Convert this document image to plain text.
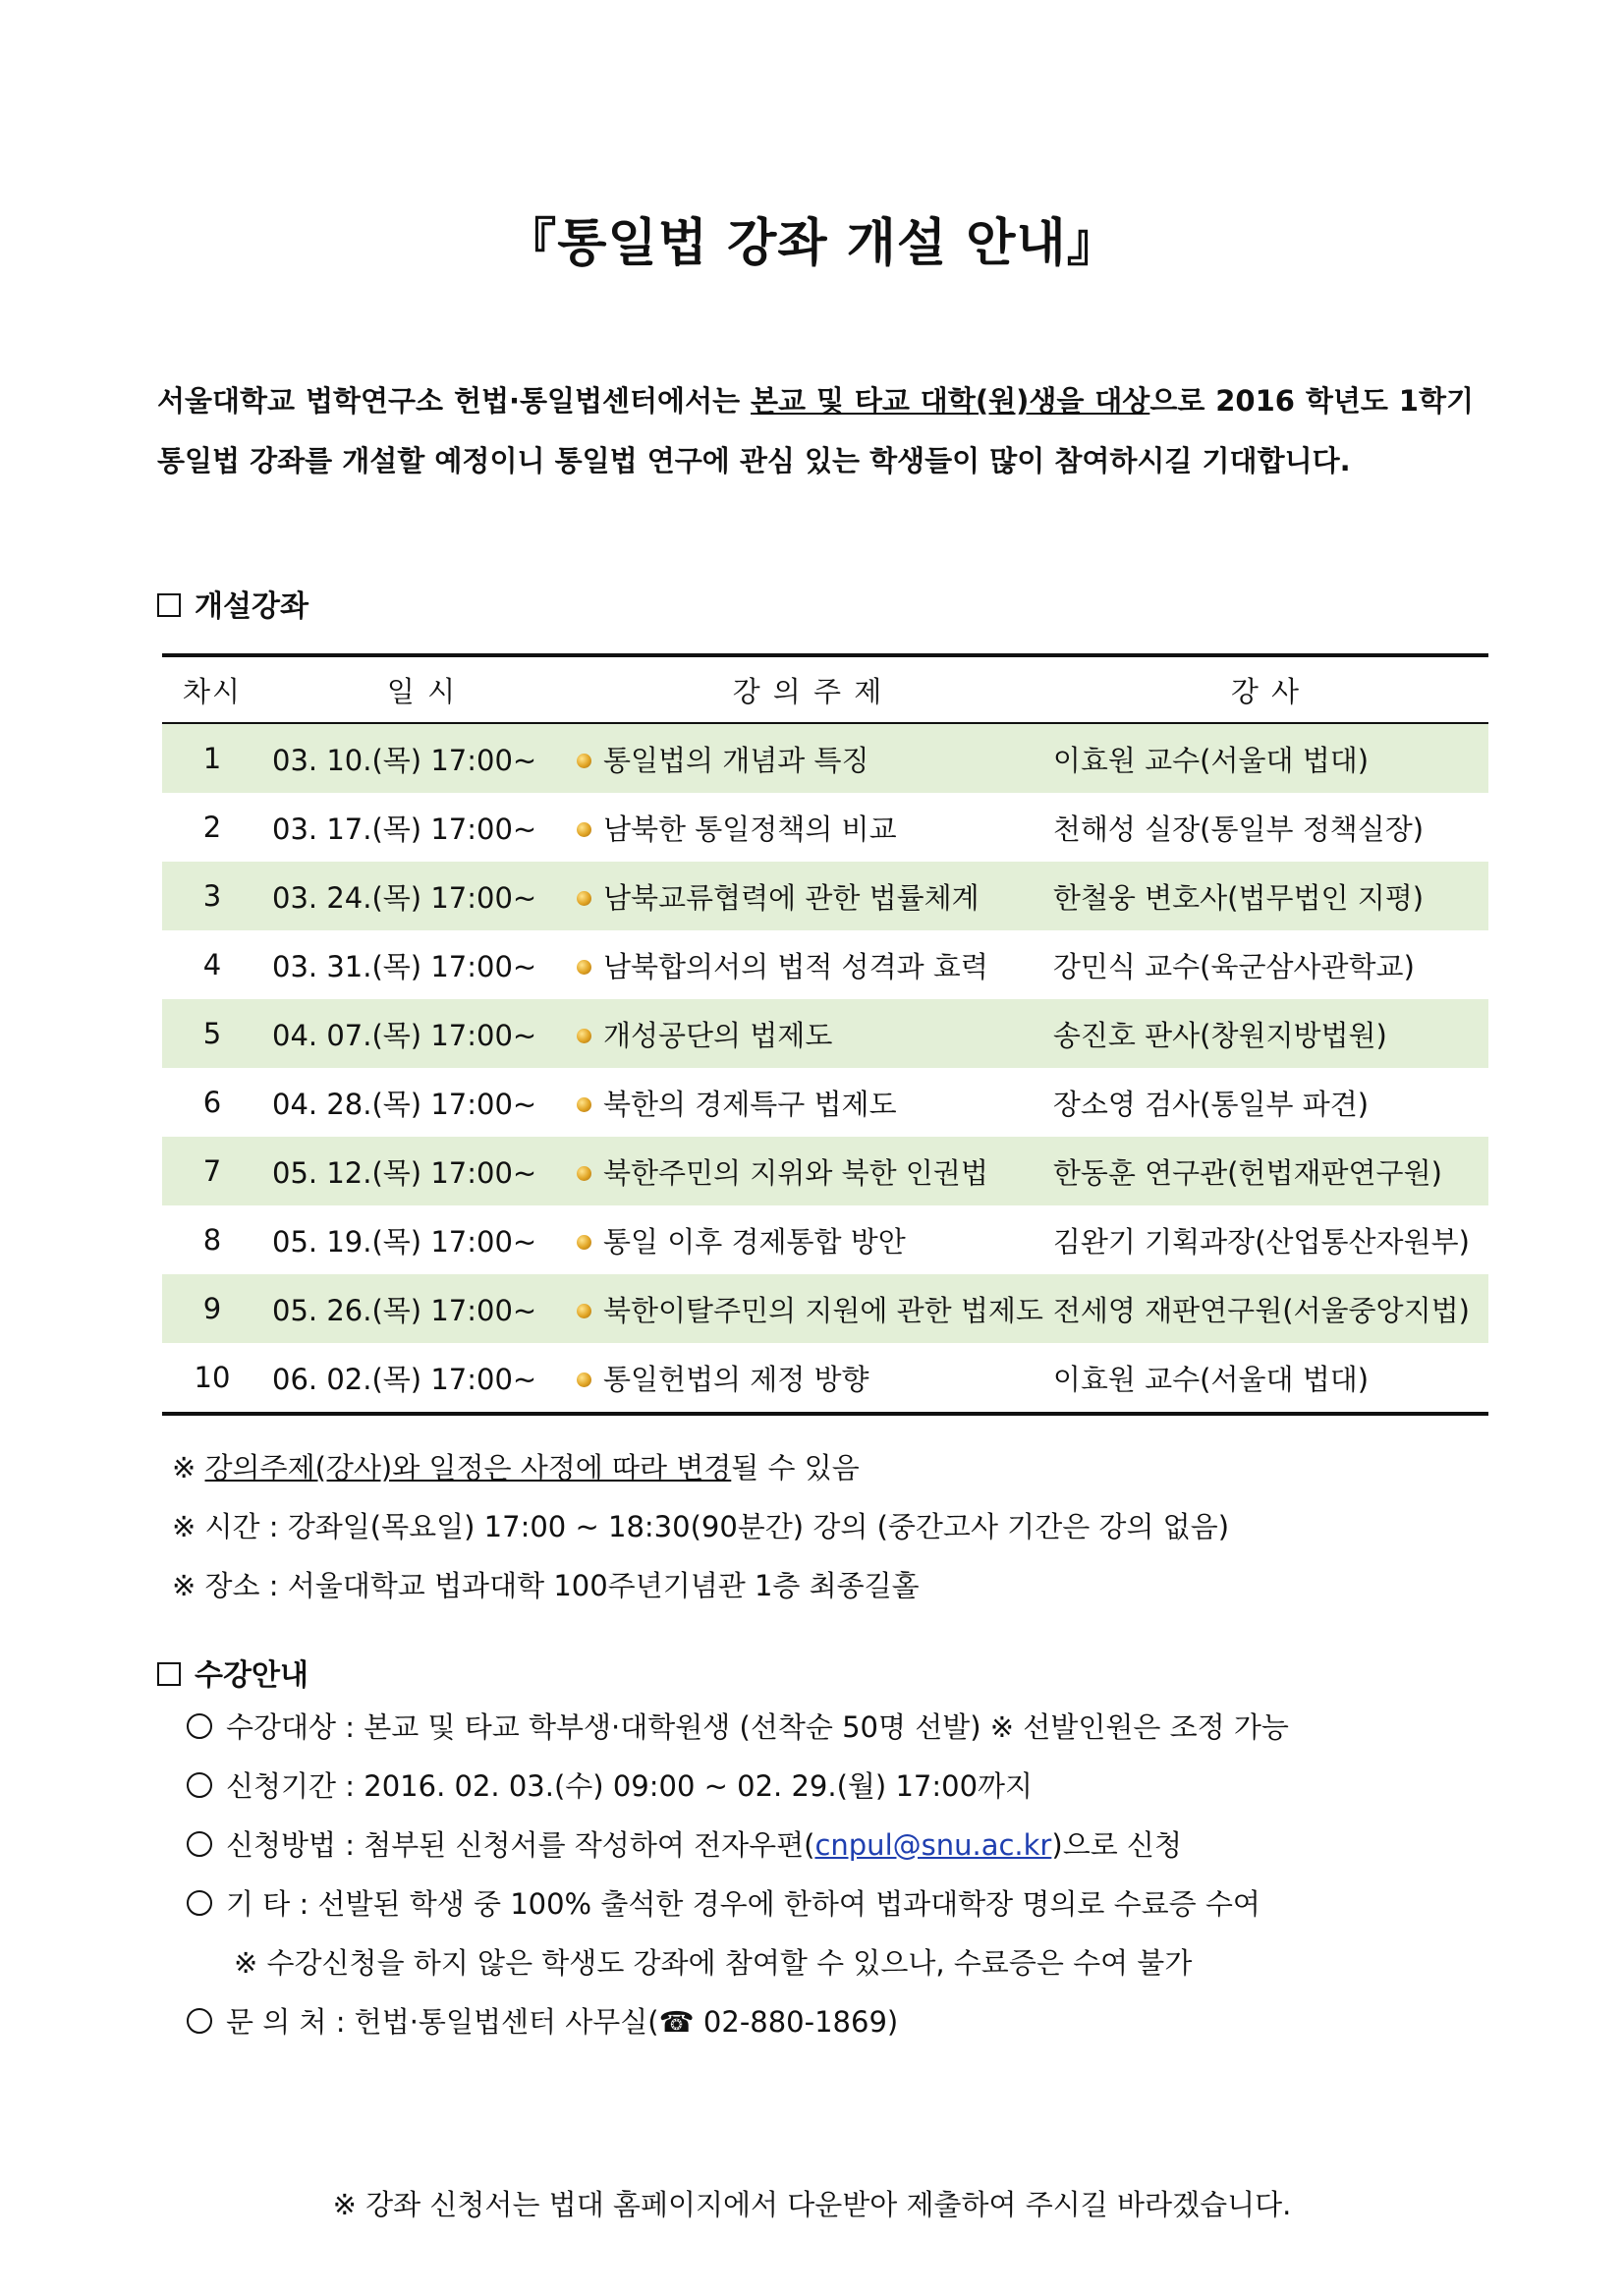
『통일법 강좌 개설 안내』
서울대학교 법학연구소 헌법·통일법센터에서는 본교 및 타교 대학(원)생을 대상으로 2016 학년도 1학기 통일법 강좌를 개설할 예정이니 통일법 연구에 관심 있는 학생들이 많이 참여하시길 기대합니다.
개설강좌
차시	일 시	강 의 주 제	강 사
1	03. 10.(목) 17:00~	통일법의 개념과 특징	이효원 교수(서울대 법대)
2	03. 17.(목) 17:00~	남북한 통일정책의 비교	천해성 실장(통일부 정책실장)
3	03. 24.(목) 17:00~	남북교류협력에 관한 법률체계	한철웅 변호사(법무법인 지평)
4	03. 31.(목) 17:00~	남북합의서의 법적 성격과 효력	강민식 교수(육군삼사관학교)
5	04. 07.(목) 17:00~	개성공단의 법제도	송진호 판사(창원지방법원)
6	04. 28.(목) 17:00~	북한의 경제특구 법제도	장소영 검사(통일부 파견)
7	05. 12.(목) 17:00~	북한주민의 지위와 북한 인권법	한동훈 연구관(헌법재판연구원)
8	05. 19.(목) 17:00~	통일 이후 경제통합 방안	김완기 기획과장(산업통산자원부)
9	05. 26.(목) 17:00~	북한이탈주민의 지원에 관한 법제도	전세영 재판연구원(서울중앙지법)
10	06. 02.(목) 17:00~	통일헌법의 제정 방향	이효원 교수(서울대 법대)
※ 강의주제(강사)와 일정은 사정에 따라 변경될 수 있음
※ 시간 : 강좌일(목요일) 17:00 ~ 18:30(90분간) 강의 (중간고사 기간은 강의 없음)
※ 장소 : 서울대학교 법과대학 100주년기념관 1층 최종길홀
수강안내
수강대상 : 본교 및 타교 학부생·대학원생 (선착순 50명 선발) ※ 선발인원은 조정 가능
신청기간 : 2016. 02. 03.(수) 09:00 ~ 02. 29.(월) 17:00까지
신청방법 : 첨부된 신청서를 작성하여 전자우편(cnpul@snu.ac.kr)으로 신청
기 타 : 선발된 학생 중 100% 출석한 경우에 한하여 법과대학장 명의로 수료증 수여
※ 수강신청을 하지 않은 학생도 강좌에 참여할 수 있으나, 수료증은 수여 불가
문 의 처 : 헌법·통일법센터 사무실(☎ 02-880-1869)
※ 강좌 신청서는 법대 홈페이지에서 다운받아 제출하여 주시길 바라겠습니다.
